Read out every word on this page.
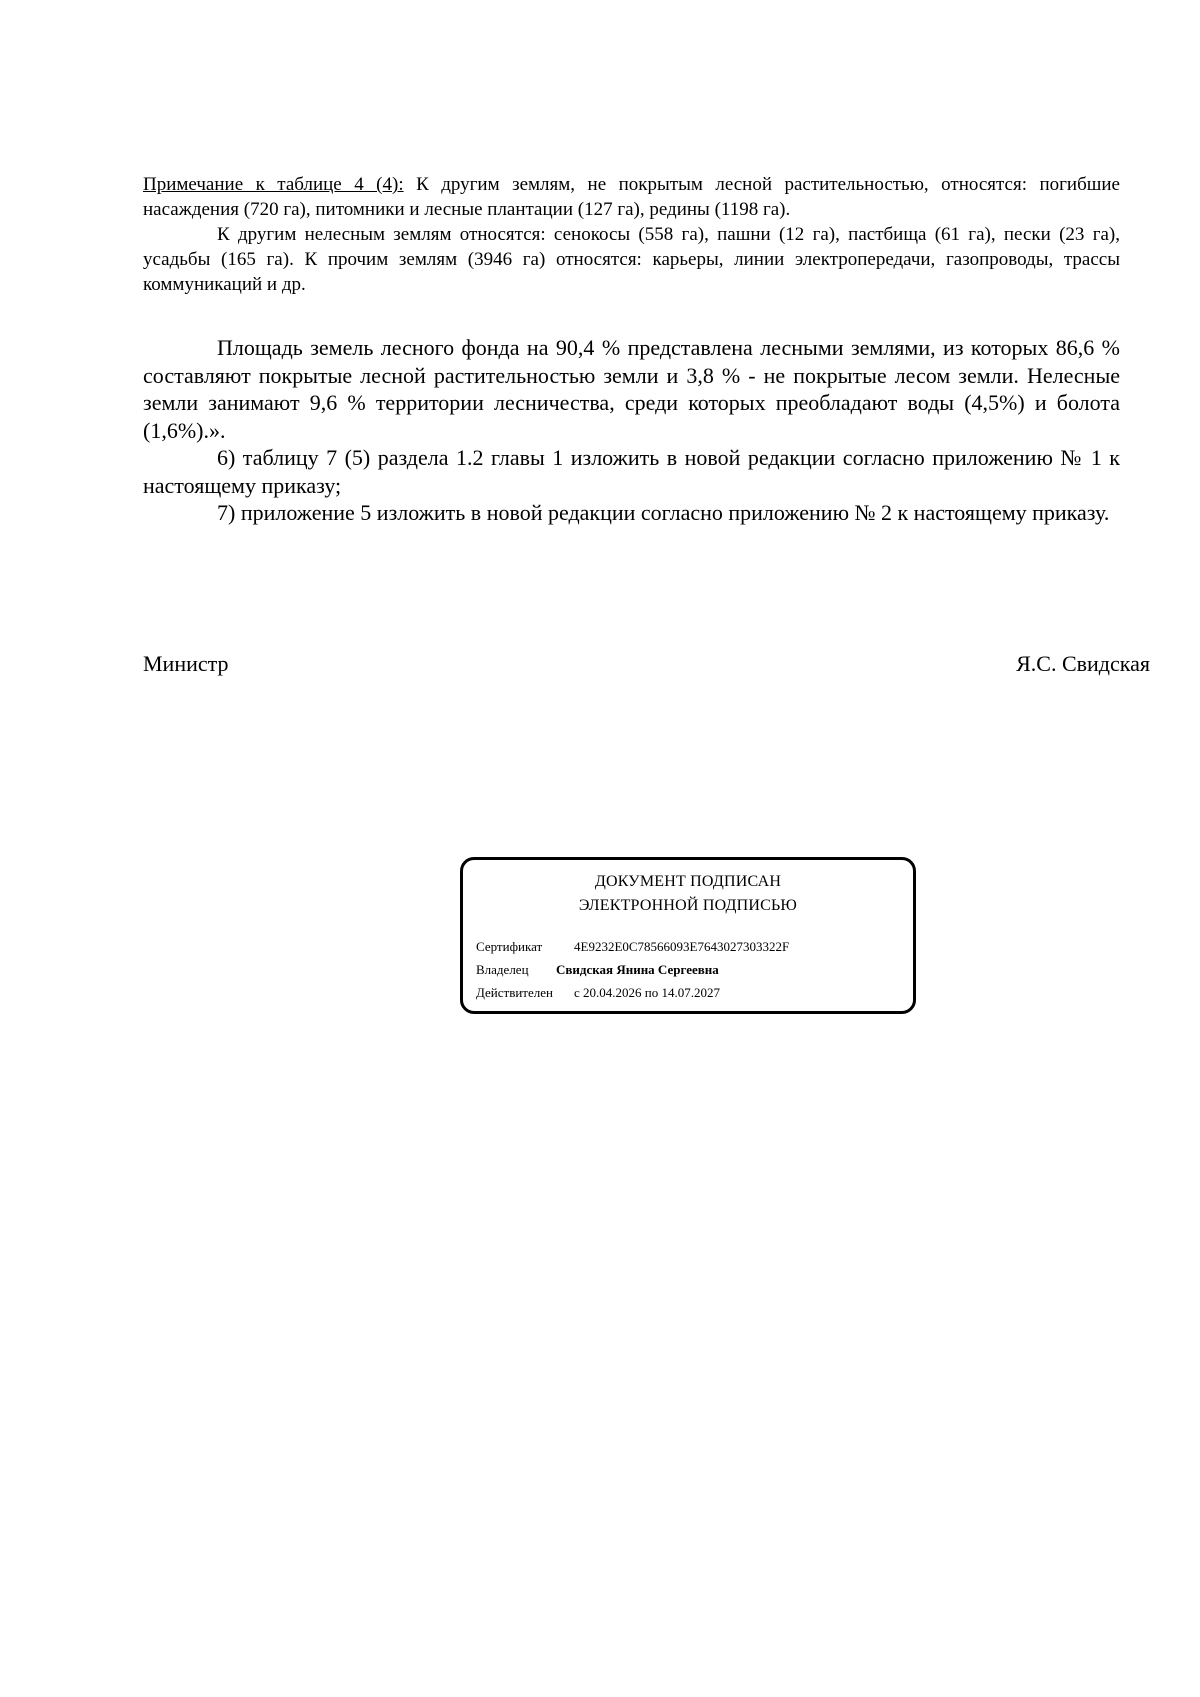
Примечание к таблице 4 (4): К другим землям, не покрытым лесной растительностью, относятся: погибшие насаждения (720 га), питомники и лесные плантации (127 га), редины (1198 га).

К другим нелесным землям относятся: сенокосы (558 га), пашни (12 га), пастбища (61 га), пески (23 га), усадьбы (165 га). К прочим землям (3946 га) относятся: карьеры, линии электропередачи, газопроводы, трассы коммуникаций и др.

Площадь земель лесного фонда на 90,4 % представлена лесными землями, из которых 86,6 % составляют покрытые лесной растительностью земли и 3,8 % - не покрытые лесом земли. Нелесные земли занимают 9,6 % территории лесничества, среди которых преобладают воды (4,5%) и болота (1,6%).».

6) таблицу 7 (5) раздела 1.2 главы 1 изложить в новой редакции согласно приложению № 1 к настоящему приказу;

7) приложение 5 изложить в новой редакции согласно приложению № 2 к настоящему приказу.

Министр	Я.С. Свидская
ДОКУМЕНТ ПОДПИСАН
ЭЛЕКТРОННОЙ ПОДПИСЬЮ
Сертификат 4E9232E0C78566093E7643027303322F
Владелец Свидская Янина Сергеевна
Действителен с 20.04.2026 по 14.07.2027
